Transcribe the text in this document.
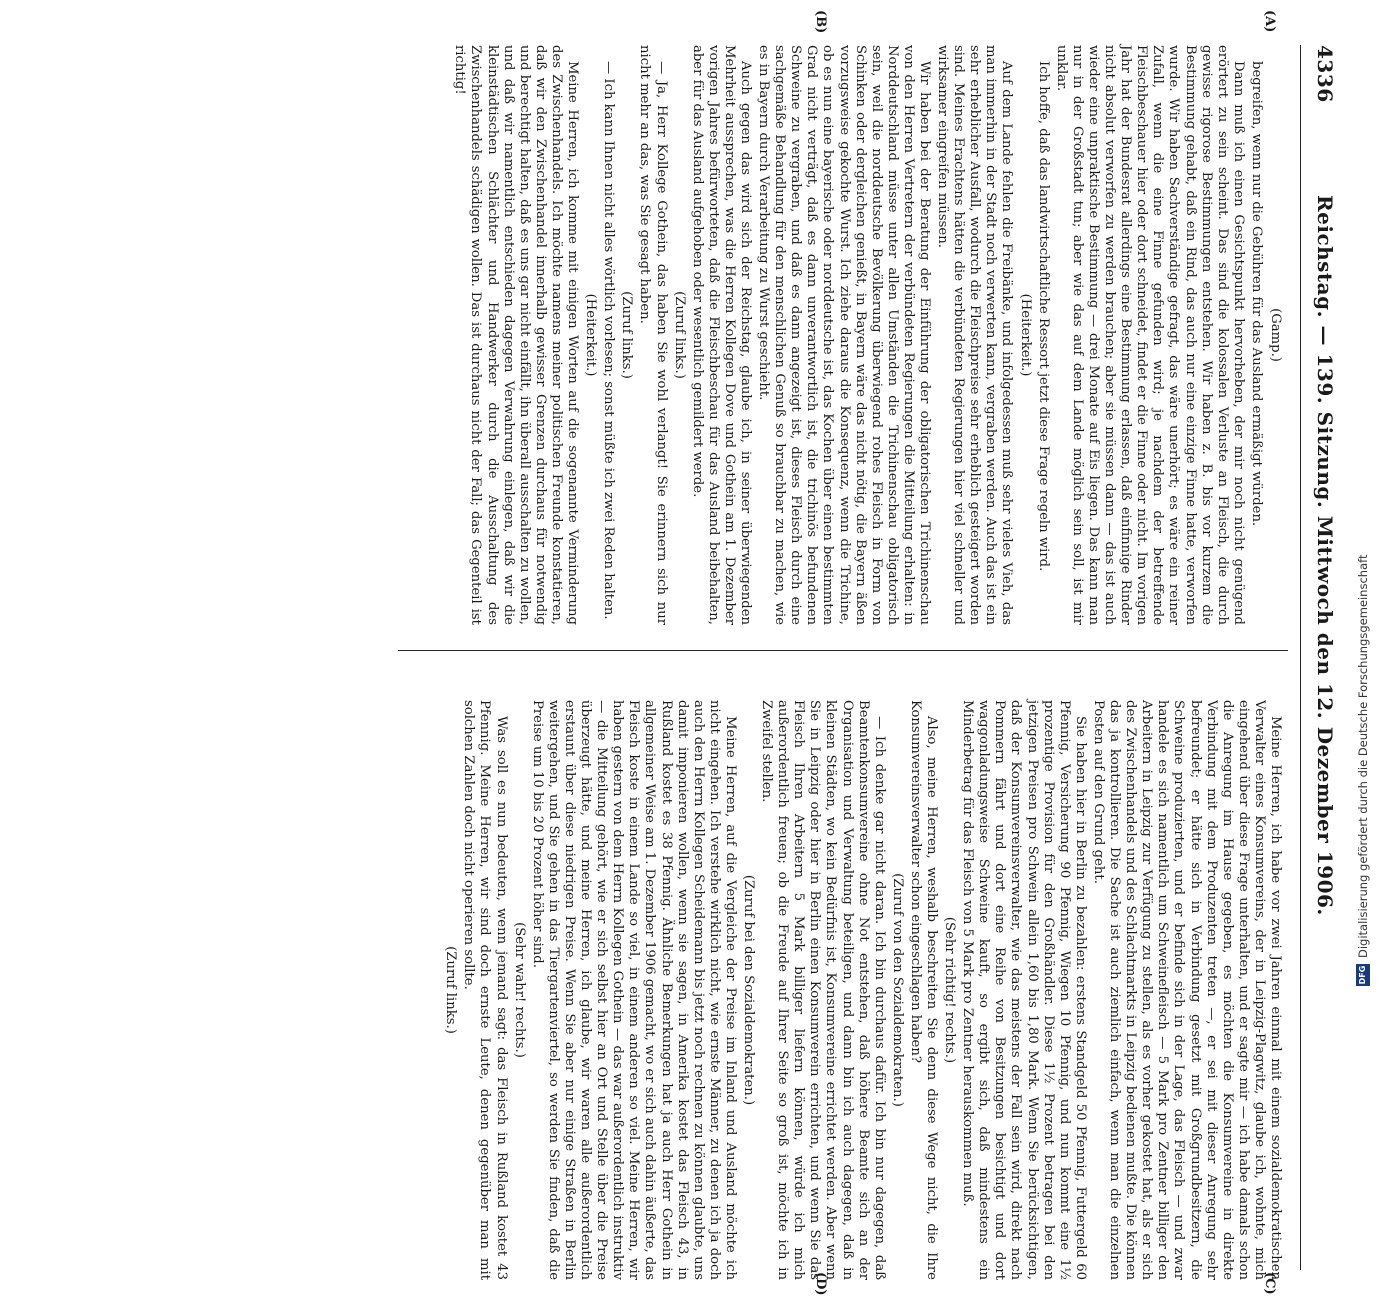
4336
Reichstag. — 139. Sitzung. Mittwoch den 12. Dezember 1906.
(A)
(B)
(C)
(D)

(Gamp.)

begreifen, wenn nur die Gebühren für das Ausland ermäßigt würden.

Dann muß ich einen Gesichtspunkt hervorheben, der mir noch nicht genügend erörtert zu sein scheint. Das sind die kolossalen Verluste an Fleisch, die durch gewisse rigorose Bestimmungen entstehen. Wir haben z. B. bis vor kurzem die Bestimmung gehabt, daß ein Rind, das auch nur eine einzige Finne hatte, verworfen wurde. Wir haben Sachverständige gefragt, das wäre unerhört; es wäre ein reiner Zufall, wenn die eine Finne gefunden wird; je nachdem der betreffende Fleischbeschauer hier oder dort schneidet, findet er die Finne oder nicht. Im vorigen Jahr hat der Bundesrat allerdings eine Bestimmung erlassen, daß einfinnige Rinder nicht absolut verworfen zu werden brauchen; aber sie müssen dann — das ist auch wieder eine unpraktische Bestimmung — drei Monate auf Eis liegen. Das kann man nur in der Großstadt tun; aber wie das auf dem Lande möglich sein soll, ist mir unklar.

Ich hoffe, daß das landwirtschaftliche Ressort jetzt diese Frage regeln wird.

(Heiterkeit.)

Auf dem Lande fehlen die Freibänke, und infolgedessen muß sehr vieles Vieh, das man immerhin in der Stadt noch verwerten kann, vergraben werden. Auch das ist ein sehr erheblicher Ausfall, wodurch die Fleischpreise sehr erheblich gesteigert worden sind. Meines Erachtens hätten die verbündeten Regierungen hier viel schneller und wirksamer eingreifen müssen.

Wir haben bei der Beratung der Einführung der obligatorischen Trichinenschau von den Herren Vertretern der verbündeten Regierungen die Mitteilung erhalten: in Norddeutschland müsse unter allen Umständen die Trichinenschau obligatorisch sein, weil die norddeutsche Bevölkerung überwiegend rohes Fleisch in Form von Schinken oder dergleichen genießt, in Bayern wäre das nicht nötig, die Bayern äßen vorzugsweise gekochte Wurst. Ich ziehe daraus die Konsequenz, wenn die Trichine, ob es nun eine bayerische oder norddeutsche ist, das Kochen über einen bestimmten Grad nicht verträgt, daß es dann unverantwortlich ist, die trichinös befundenen Schweine zu vergraben, und daß es dann angezeigt ist, dieses Fleisch durch eine sachgemäße Behandlung für den menschlichen Genuß so brauchbar zu machen, wie es in Bayern durch Verarbeitung zu Wurst geschieht.

Auch gegen das wird sich der Reichstag, glaube ich, in seiner überwiegenden Mehrheit aussprechen, was die Herren Kollegen Dove und Gothein am 1. Dezember vorigen Jahres befürworteten, daß die Fleischbeschau für das Ausland beibehalten, aber für das Ausland aufgehoben oder wesentlich gemildert werde.

(Zuruf links.)

— Ja, Herr Kollege Gothein, das haben Sie wohl verlangt! Sie erinnern sich nur nicht mehr an das, was Sie gesagt haben.

(Zuruf links.)

— Ich kann Ihnen nicht alles wörtlich vorlesen; sonst müßte ich zwei Reden halten.

(Heiterkeit.)

Meine Herren, ich komme mit einigen Worten auf die sogenannte Verminderung des Zwischenhandels. Ich möchte namens meiner politischen Freunde konstatieren, daß wir den Zwischenhandel innerhalb gewisser Grenzen durchaus für notwendig und berechtigt halten, daß es uns gar nicht einfällt, ihn überall ausschalten zu wollen, und daß wir namentlich entschieden dagegen Verwahrung einlegen, daß wir die kleinstädtischen Schlächter und Handwerker durch die Ausschaltung des Zwischenhandels schädigen wollen. Das ist durchaus nicht der Fall; das Gegenteil ist richtig!

Meine Herren, ich habe vor zwei Jahren einmal mit einem sozialdemokratischen Verwalter eines Konsumvereins, der in Leipzig-Plagwitz, glaube ich, wohnte, mich eingehend über diese Frage unterhalten, und er sagte mir — ich habe damals schon die Anregung im Hause gegeben, es möchten die Konsumvereine in direkte Verbindung mit dem Produzenten treten —, er sei mit dieser Anregung sehr befreundet; er hätte sich in Verbindung gesetzt mit Großgrundbesitzern, die Schweine produzierten, und er befinde sich in der Lage, das Fleisch — und zwar handele es sich namentlich um Schweinefleisch — 5 Mark pro Zentner billiger den Arbeitern in Leipzig zur Verfügung zu stellen, als es vorher gekostet hat, als er sich des Zwischenhandels und des Schlachtmarkts in Leipzig bedienen mußte. Die können das ja kontrollieren. Die Sache ist auch ziemlich einfach, wenn man die einzelnen Posten auf den Grund geht.

Sie haben hier in Berlin zu bezahlen: erstens Standgeld 50 Pfennig, Futtergeld 60 Pfennig, Versicherung 90 Pfennig, Wiegen 10 Pfennig, und nun kommt eine 1½ prozentige Provision für den Großhändler. Diese 1½ Prozent betragen bei den jetzigen Preisen pro Schwein allein 1,60 bis 1,80 Mark. Wenn Sie berücksichtigen, daß der Konsumvereinsverwalter, wie das meistens der Fall sein wird, direkt nach Pommern fährt und dort eine Reihe von Besitzungen besichtigt und dort waggonladungsweise Schweine kauft, so ergibt sich, daß mindestens ein Minderbetrag für das Fleisch von 5 Mark pro Zentner herauskommen muß.

(Sehr richtig! rechts.)

Also, meine Herren, weshalb beschreiten Sie denn diese Wege nicht, die Ihre Konsumvereinsverwalter schon eingeschlagen haben?

(Zuruf von den Sozialdemokraten.)

— Ich denke gar nicht daran. Ich bin durchaus dafür. Ich bin nur dagegen, daß Beamtenkonsumvereine ohne Not entstehen, daß höhere Beamte sich an der Organisation und Verwaltung beteiligen, und dann bin ich auch dagegen, daß in kleinen Städten, wo kein Bedürfnis ist, Konsumvereine errichtet werden. Aber wenn Sie in Leipzig oder hier in Berlin einen Konsumverein errichten, und wenn Sie das Fleisch Ihren Arbeitern 5 Mark billiger liefern können, würde ich mich außerordentlich freuen; ob die Freude auf Ihrer Seite so groß ist, möchte ich in Zweifel stellen.

(Zuruf bei den Sozialdemokraten.)

Meine Herren, auf die Vergleiche der Preise im Inland und Ausland möchte ich nicht eingehen. Ich verstehe wirklich nicht, wie ernste Männer, zu denen ich ja doch auch den Herrn Kollegen Scheidemann bis jetzt noch rechnen zu können glaubte, uns damit imponieren wollen, wenn sie sagen, in Amerika kostet das Fleisch 43, in Rußland kostet es 38 Pfennig. Ähnliche Bemerkungen hat ja auch Herr Gothein in allgemeiner Weise am 1. Dezember 1906 gemacht, wo er sich auch dahin äußerte, das Fleisch koste in einem Lande so viel, in einem anderen so viel. Meine Herren, wir haben gestern von dem Herrn Kollegen Gothein — das war außerordentlich instruktiv — die Mitteilung gehört, wie er sich selbst hier an Ort und Stelle über die Preise überzeugt hätte, und meine Herren, ich glaube, wir waren alle außerordentlich erstaunt über diese niedrigen Preise. Wenn Sie aber nur einige Straßen in Berlin weitergehen, und Sie gehen in das Tiergartenviertel, so werden Sie finden, daß die Preise um 10 bis 20 Prozent höher sind.

(Sehr wahr! rechts.)

Was soll es nun bedeuten, wenn jemand sagt: das Fleisch in Rußland kostet 43 Pfennig. Meine Herren, wir sind doch ernste Leute, denen gegenüber man mit solchen Zahlen doch nicht operieren sollte.

(Zuruf links.)	DFG
Digitalisierung gefördert durch die Deutsche Forschungsgemeinschaft
